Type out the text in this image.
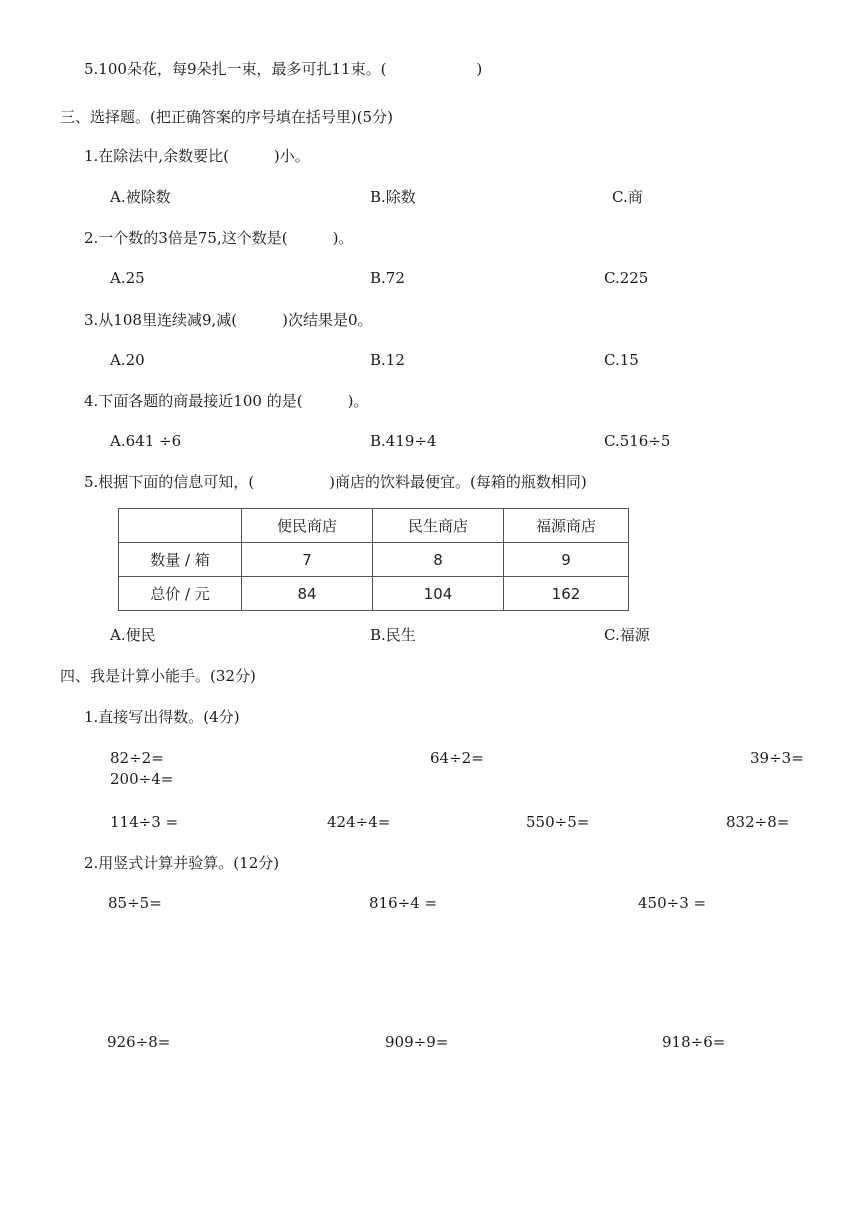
5.100朵花，每9朵扎一束，最多可扎11束。(　　　　　　)
三、选择题。(把正确答案的序号填在括号里)(5分)
1.在除法中,余数要比(　　　)小。
A.被除数	B.除数	C.商
2.一个数的3倍是75,这个数是(　　　)。
A.25	B.72	C.225
3.从108里连续减9,减(　　　)次结果是0。
A.20	B.12	C.15
4.下面各题的商最接近100 的是(　　　)。
A.641 ÷6	B.419÷4	C.516÷5
5.根据下面的信息可知，(　　　　　)商店的饮料最便宜。(每箱的瓶数相同)
	便民商店	民生商店	福源商店
数量 / 箱	7	8	9
总价 / 元	84	104	162
A.便民	B.民生	C.福源
四、我是计算小能手。(32分)
1.直接写出得数。(4分)
82÷2=	64÷2=	39÷3=
200÷4=
114÷3 =	424÷4=	550÷5=	832÷8=
2.用竖式计算并验算。(12分)
85÷5=	816÷4 =	450÷3 =
926÷8=	909÷9=	918÷6=
